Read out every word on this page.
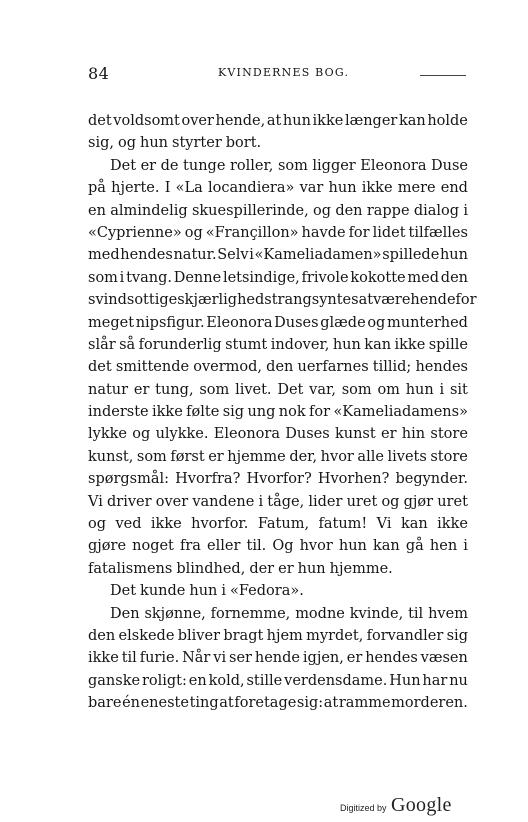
84	KVINDERNES BOG.
det voldsomt over hende, at hun ikke længer kan holde
sig, og hun styrter bort.
Det er de tunge roller, som ligger Eleonora Duse
på hjerte. I «La locandiera» var hun ikke mere end
en almindelig skuespillerinde, og den rappe dialog i
«Cyprienne» og «Françillon» havde for lidet tilfælles
med hendes natur. Selv i «Kameliadamen» spillede hun
som i tvang. Denne letsindige, frivole kokotte med den
svindsottiges kjærlighedstrang syntes at være hende for
meget nipsfigur. Eleonora Duses glæde og munterhed
slår så forunderlig stumt indover, hun kan ikke spille
det smittende overmod, den uerfarnes tillid; hendes
natur er tung, som livet. Det var, som om hun i sit
inderste ikke følte sig ung nok for «Kameliadamens»
lykke og ulykke. Eleonora Duses kunst er hin store
kunst, som først er hjemme der, hvor alle livets store
spørgsmål: Hvorfra? Hvorfor? Hvorhen? begynder.
Vi driver over vandene i tåge, lider uret og gjør uret
og ved ikke hvorfor. Fatum, fatum! Vi kan ikke
gjøre noget fra eller til. Og hvor hun kan gå hen i
fatalismens blindhed, der er hun hjemme.
Det kunde hun i «Fedora».
Den skjønne, fornemme, modne kvinde, til hvem
den elskede bliver bragt hjem myrdet, forvandler sig
ikke til furie. Når vi ser hende igjen, er hendes væsen
ganske roligt: en kold, stille verdensdame. Hun har nu
bare én eneste ting at foretage sig: at ramme morderen.
Digitized by Google
